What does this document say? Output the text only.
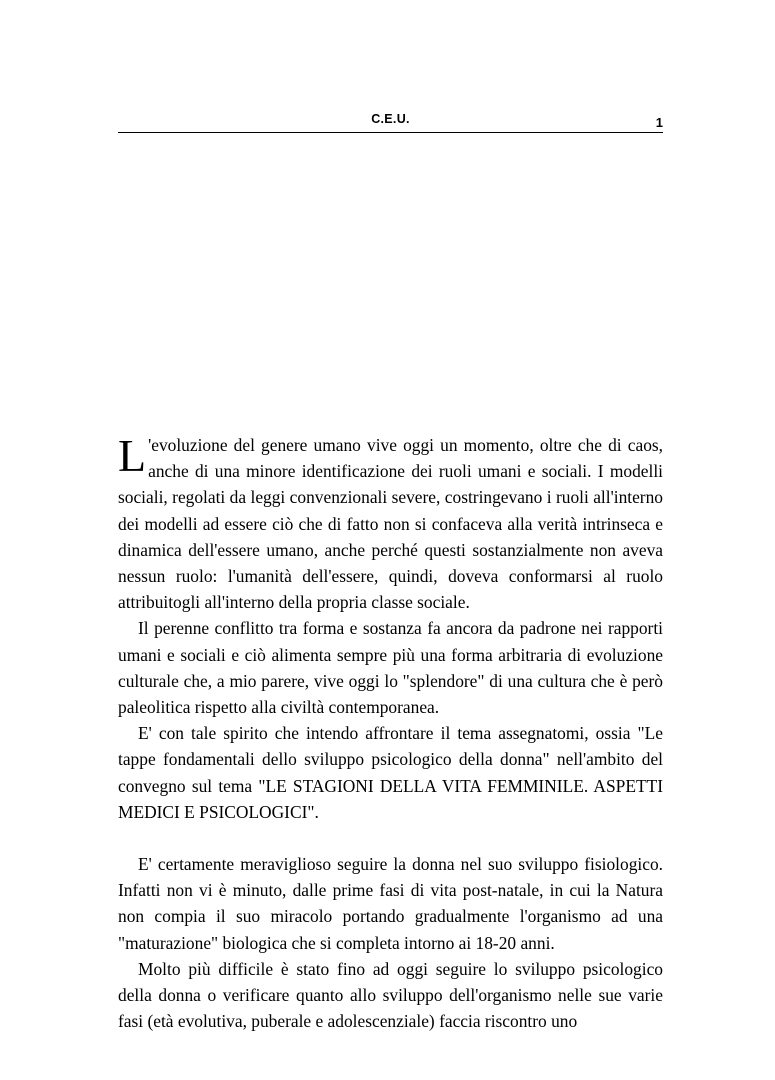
C.E.U.	1

L 'evoluzione del genere umano vive oggi un momento, oltre che di caos, anche di una minore identificazione dei ruoli umani e sociali. I modelli sociali, regolati da leggi convenzionali severe, costringevano i ruoli all'interno dei modelli ad essere ciò che di fatto non si confaceva alla verità intrinseca e dinamica dell'essere umano, anche perché questi sostanzialmente non aveva nessun ruolo: l'umanità dell'essere, quindi, doveva conformarsi al ruolo attribuitogli all'interno della propria classe sociale.

Il perenne conflitto tra forma e sostanza fa ancora da padrone nei rapporti umani e sociali e ciò alimenta sempre più una forma arbitraria di evoluzione culturale che, a mio parere, vive oggi lo "splendore" di una cultura che è però paleolitica rispetto alla civiltà contemporanea.

E' con tale spirito che intendo affrontare il tema assegnatomi, ossia "Le tappe fondamentali dello sviluppo psicologico della donna" nell'ambito del convegno sul tema "LE STAGIONI DELLA VITA FEMMINILE. ASPETTI MEDICI E PSICOLOGICI".

E' certamente meraviglioso seguire la donna nel suo sviluppo fisiologico. Infatti non vi è minuto, dalle prime fasi di vita post-natale, in cui la Natura non compia il suo miracolo portando gradualmente l'organismo ad una "maturazione" biologica che si completa intorno ai 18-20 anni.

Molto più difficile è stato fino ad oggi seguire lo sviluppo psicologico della donna o verificare quanto allo sviluppo dell'organismo nelle sue varie fasi (età evolutiva, puberale e adolescenziale) faccia riscontro uno
